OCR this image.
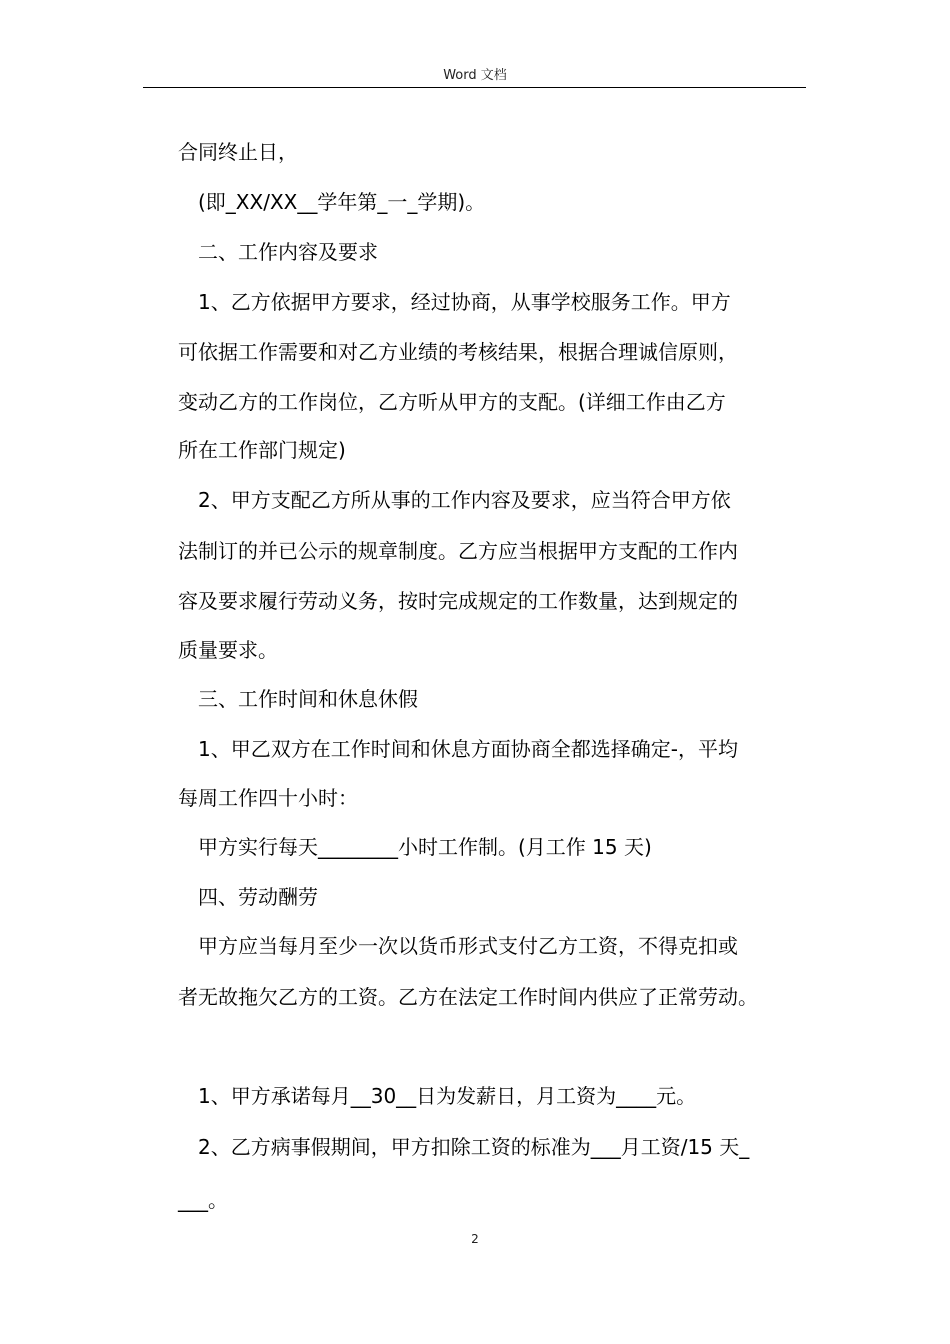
Word 文档
合同终止日，
(即_XX/XX__学年第_一_学期)。
二、工作内容及要求
1、乙方依据甲方要求，经过协商，从事学校服务工作。甲方
可依据工作需要和对乙方业绩的考核结果，根据合理诚信原则，
变动乙方的工作岗位，乙方听从甲方的支配。(详细工作由乙方
所在工作部门规定)
2、甲方支配乙方所从事的工作内容及要求，应当符合甲方依
法制订的并已公示的规章制度。乙方应当根据甲方支配的工作内
容及要求履行劳动义务，按时完成规定的工作数量，达到规定的
质量要求。
三、工作时间和休息休假
1、甲乙双方在工作时间和休息方面协商全都选择确定-，平均
每周工作四十小时：
甲方实行每天________小时工作制。(月工作 15 天)
四、劳动酬劳
甲方应当每月至少一次以货币形式支付乙方工资，不得克扣或
者无故拖欠乙方的工资。乙方在法定工作时间内供应了正常劳动。
1、甲方承诺每月__30__日为发薪日，月工资为____元。
2、乙方病事假期间，甲方扣除工资的标准为___月工资/15 天_
___。
2
